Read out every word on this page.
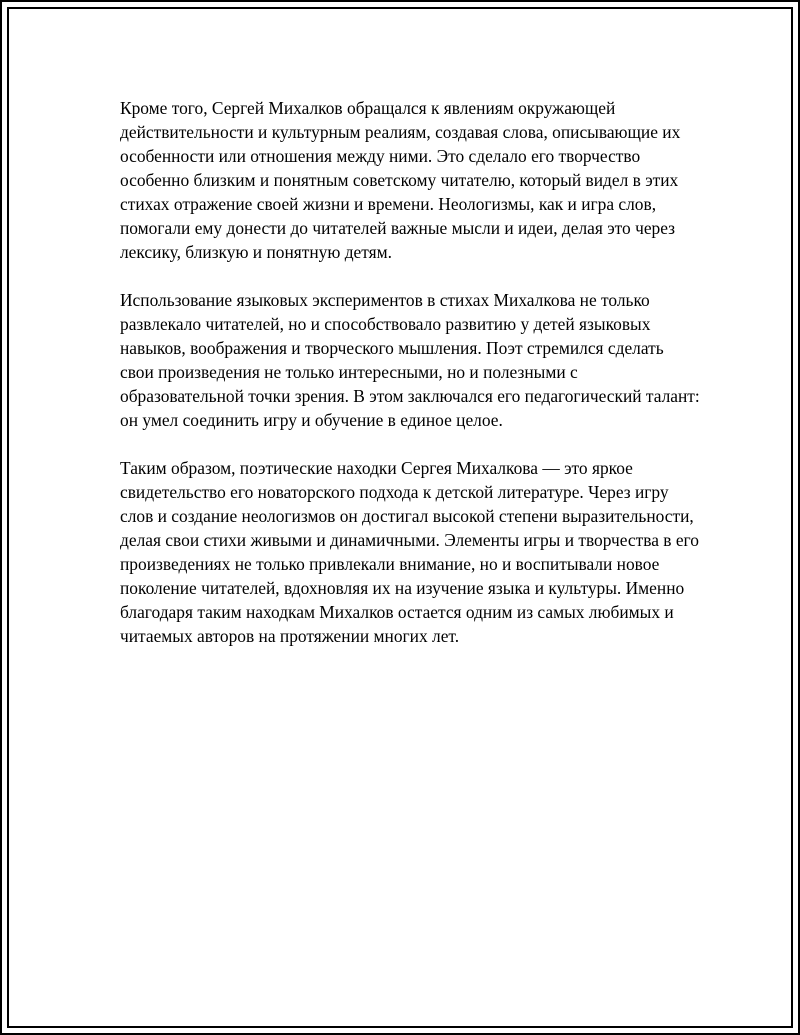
Кроме того, Сергей Михалков обращался к явлениям окружающей действительности и культурным реалиям, создавая слова, описывающие их особенности или отношения между ними. Это сделало его творчество особенно близким и понятным советскому читателю, который видел в этих стихах отражение своей жизни и времени. Неологизмы, как и игра слов, помогали ему донести до читателей важные мысли и идеи, делая это через лексику, близкую и понятную детям.

Использование языковых экспериментов в стихах Михалкова не только развлекало читателей, но и способствовало развитию у детей языковых навыков, воображения и творческого мышления. Поэт стремился сделать свои произведения не только интересными, но и полезными с образовательной точки зрения. В этом заключался его педагогический талант: он умел соединить игру и обучение в единое целое.

Таким образом, поэтические находки Сергея Михалкова — это яркое свидетельство его новаторского подхода к детской литературе. Через игру слов и создание неологизмов он достигал высокой степени выразительности, делая свои стихи живыми и динамичными. Элементы игры и творчества в его произведениях не только привлекали внимание, но и воспитывали новое поколение читателей, вдохновляя их на изучение языка и культуры. Именно благодаря таким находкам Михалков остается одним из самых любимых и читаемых авторов на протяжении многих лет.
